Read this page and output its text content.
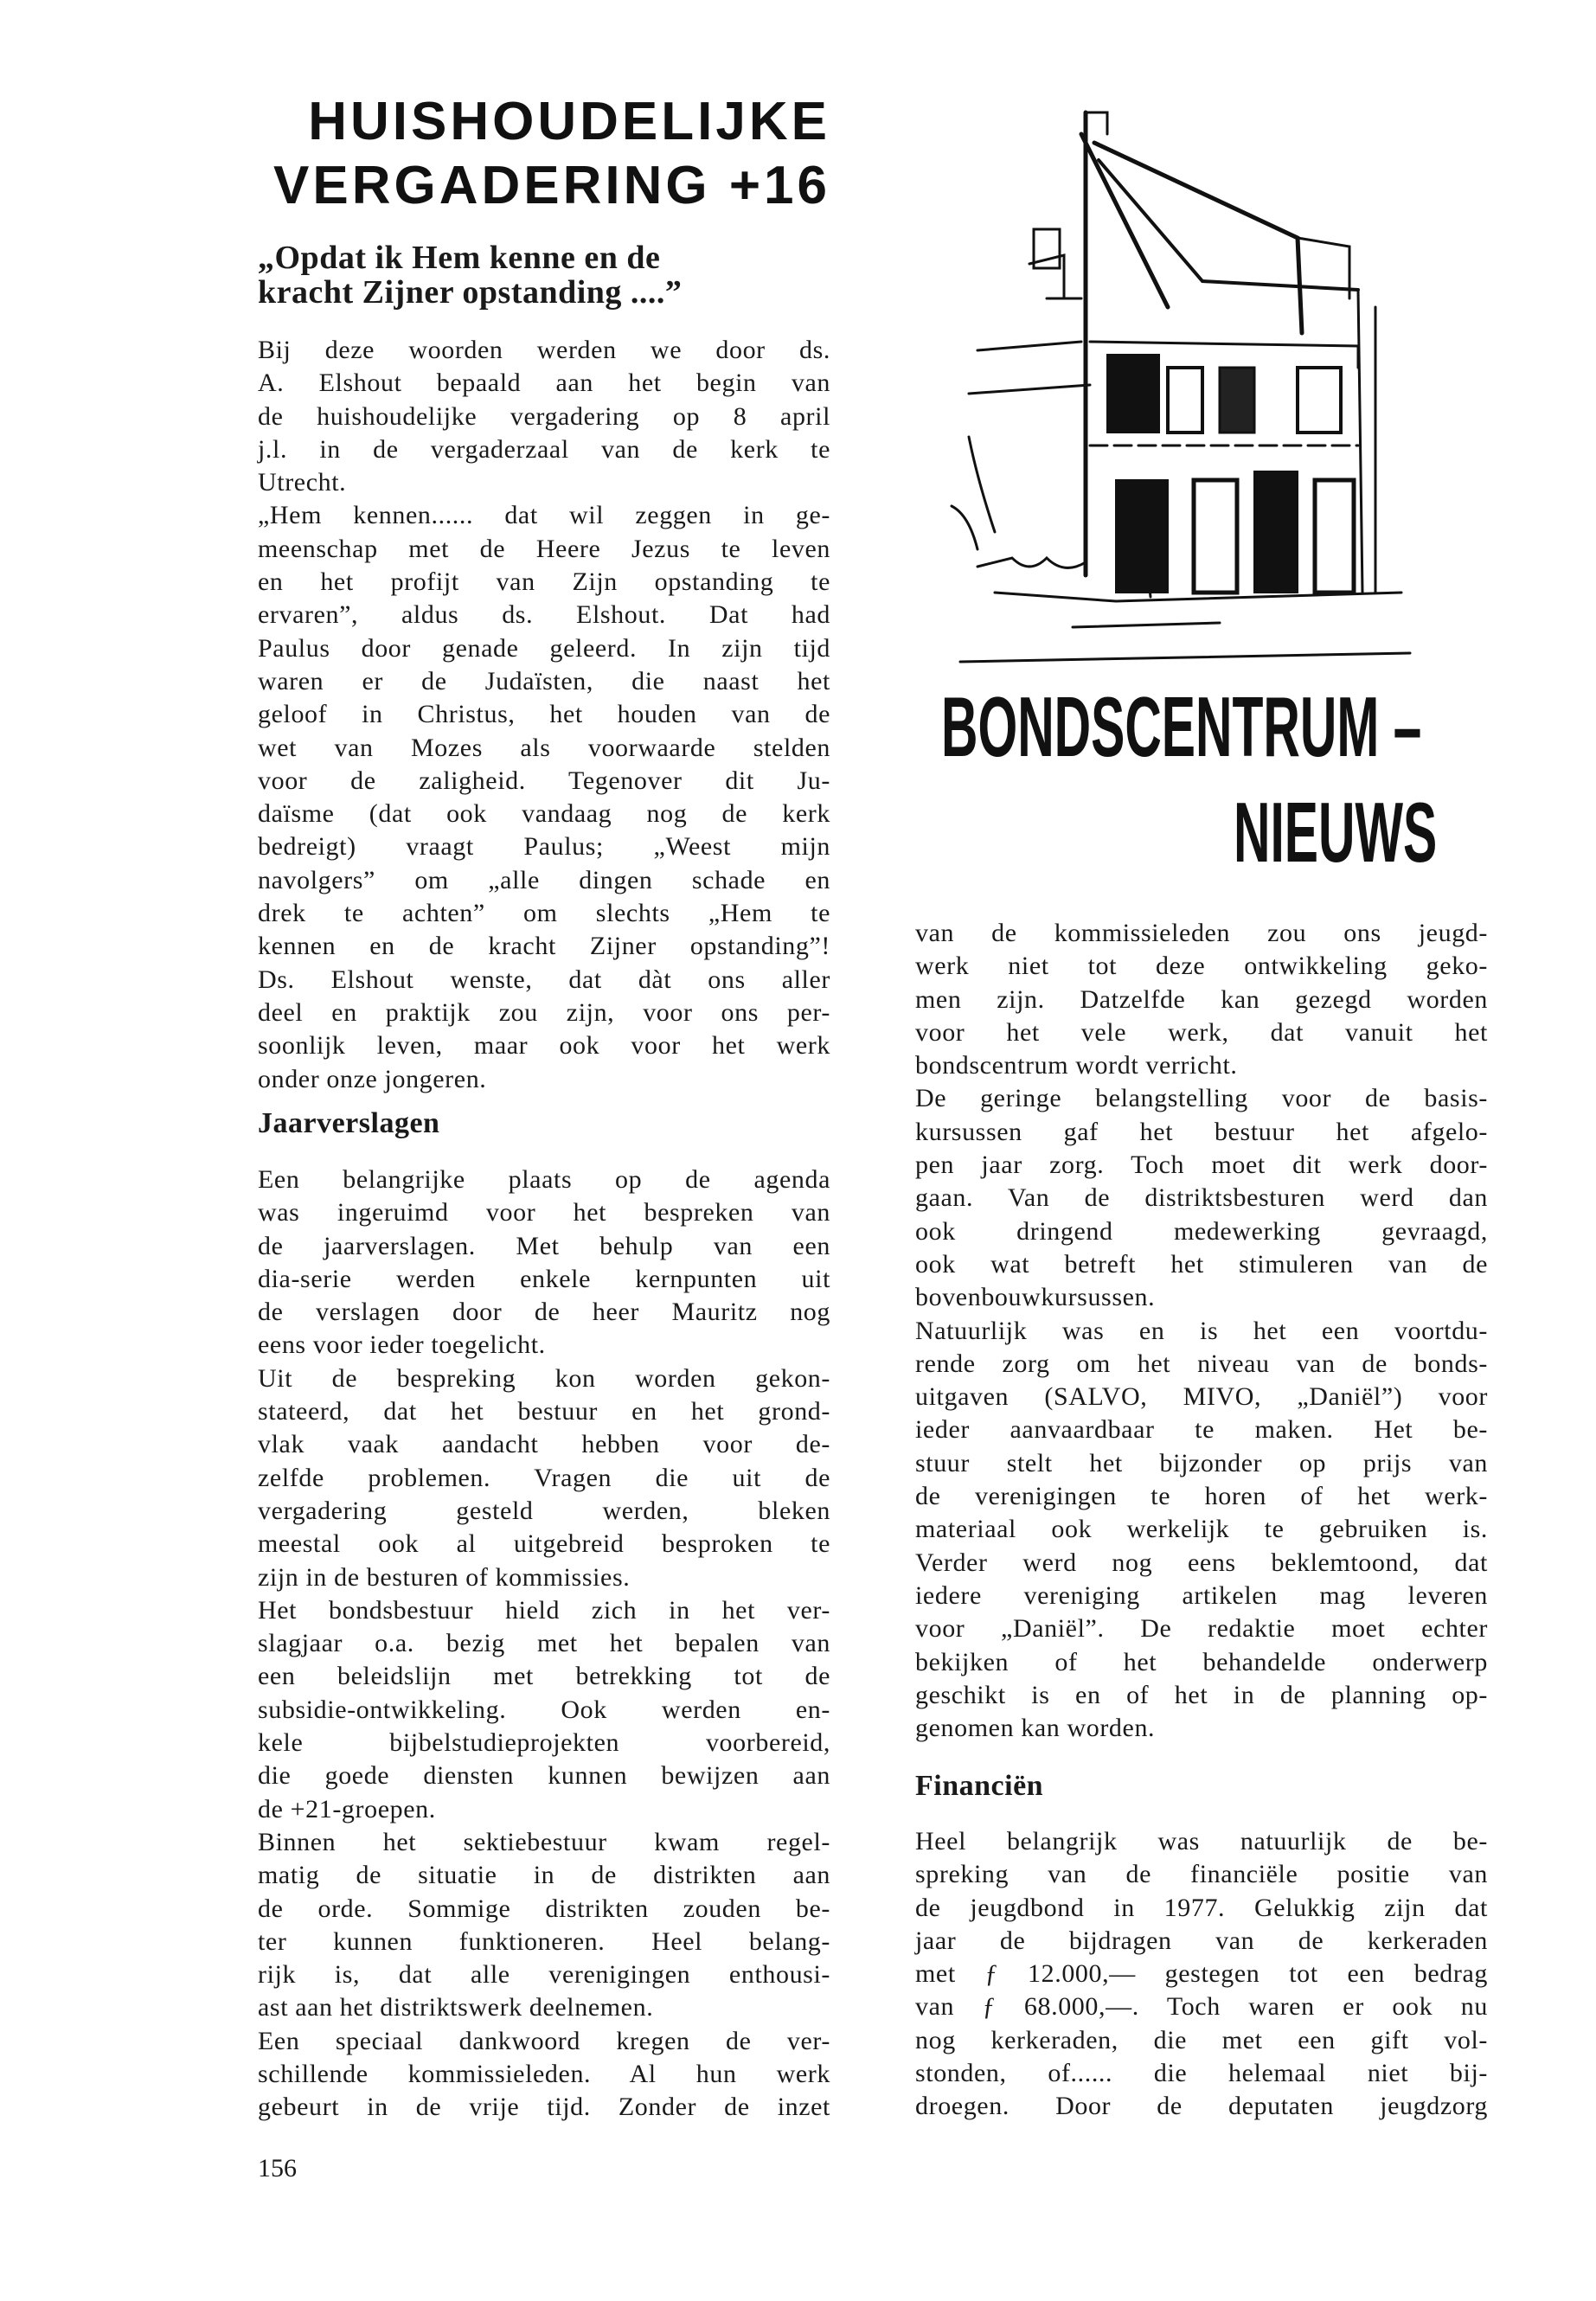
HUISHOUDELIJKE
VERGADERING +16
„Opdat ik Hem kenne en de
kracht Zijner opstanding ....”
Bij deze woorden werden we door ds.
A. Elshout bepaald aan het begin van
de huishoudelijke vergadering op 8 april
j.l. in de vergaderzaal van de kerk te
Utrecht.
„Hem kennen...... dat wil zeggen in ge-
meenschap met de Heere Jezus te leven
en het profijt van Zijn opstanding te
ervaren”, aldus ds. Elshout. Dat had
Paulus door genade geleerd. In zijn tijd
waren er de Judaïsten, die naast het
geloof in Christus, het houden van de
wet van Mozes als voorwaarde stelden
voor de zaligheid. Tegenover dit Ju-
daïsme (dat ook vandaag nog de kerk
bedreigt) vraagt Paulus; „Weest mijn
navolgers” om „alle dingen schade en
drek te achten” om slechts „Hem te
kennen en de kracht Zijner opstanding”!
Ds. Elshout wenste, dat dàt ons aller
deel en praktijk zou zijn, voor ons per-
soonlijk leven, maar ook voor het werk
onder onze jongeren.
Jaarverslagen
Een belangrijke plaats op de agenda
was ingeruimd voor het bespreken van
de jaarverslagen. Met behulp van een
dia-serie werden enkele kernpunten uit
de verslagen door de heer Mauritz nog
eens voor ieder toegelicht.
Uit de bespreking kon worden gekon-
stateerd, dat het bestuur en het grond-
vlak vaak aandacht hebben voor de-
zelfde problemen. Vragen die uit de
vergadering gesteld werden, bleken
meestal ook al uitgebreid besproken te
zijn in de besturen of kommissies.
Het bondsbestuur hield zich in het ver-
slagjaar o.a. bezig met het bepalen van
een beleidslijn met betrekking tot de
subsidie-ontwikkeling. Ook werden en-
kele bijbelstudieprojekten voorbereid,
die goede diensten kunnen bewijzen aan
de +21-groepen.
Binnen het sektiebestuur kwam regel-
matig de situatie in de distrikten aan
de orde. Sommige distrikten zouden be-
ter kunnen funktioneren. Heel belang-
rijk is, dat alle verenigingen enthousi-
ast aan het distriktswerk deelnemen.
Een speciaal dankwoord kregen de ver-
schillende kommissieleden. Al hun werk
gebeurt in de vrije tijd. Zonder de inzet
BONDSCENTRUM –
NIEUWS
van de kommissieleden zou ons jeugd-
werk niet tot deze ontwikkeling geko-
men zijn. Datzelfde kan gezegd worden
voor het vele werk, dat vanuit het
bondscentrum wordt verricht.
De geringe belangstelling voor de basis-
kursussen gaf het bestuur het afgelo-
pen jaar zorg. Toch moet dit werk door-
gaan. Van de distriktsbesturen werd dan
ook dringend medewerking gevraagd,
ook wat betreft het stimuleren van de
bovenbouwkursussen.
Natuurlijk was en is het een voortdu-
rende zorg om het niveau van de bonds-
uitgaven (SALVO, MIVO, „Daniël”) voor
ieder aanvaardbaar te maken. Het be-
stuur stelt het bijzonder op prijs van
de verenigingen te horen of het werk-
materiaal ook werkelijk te gebruiken is.
Verder werd nog eens beklemtoond, dat
iedere vereniging artikelen mag leveren
voor „Daniël”. De redaktie moet echter
bekijken of het behandelde onderwerp
geschikt is en of het in de planning op-
genomen kan worden.
Financiën
Heel belangrijk was natuurlijk de be-
spreking van de financiële positie van
de jeugdbond in 1977. Gelukkig zijn dat
jaar de bijdragen van de kerkeraden
met ƒ 12.000,— gestegen tot een bedrag
van ƒ 68.000,—. Toch waren er ook nu
nog kerkeraden, die met een gift vol-
stonden, of...... die helemaal niet bij-
droegen. Door de deputaten jeugdzorg
156
